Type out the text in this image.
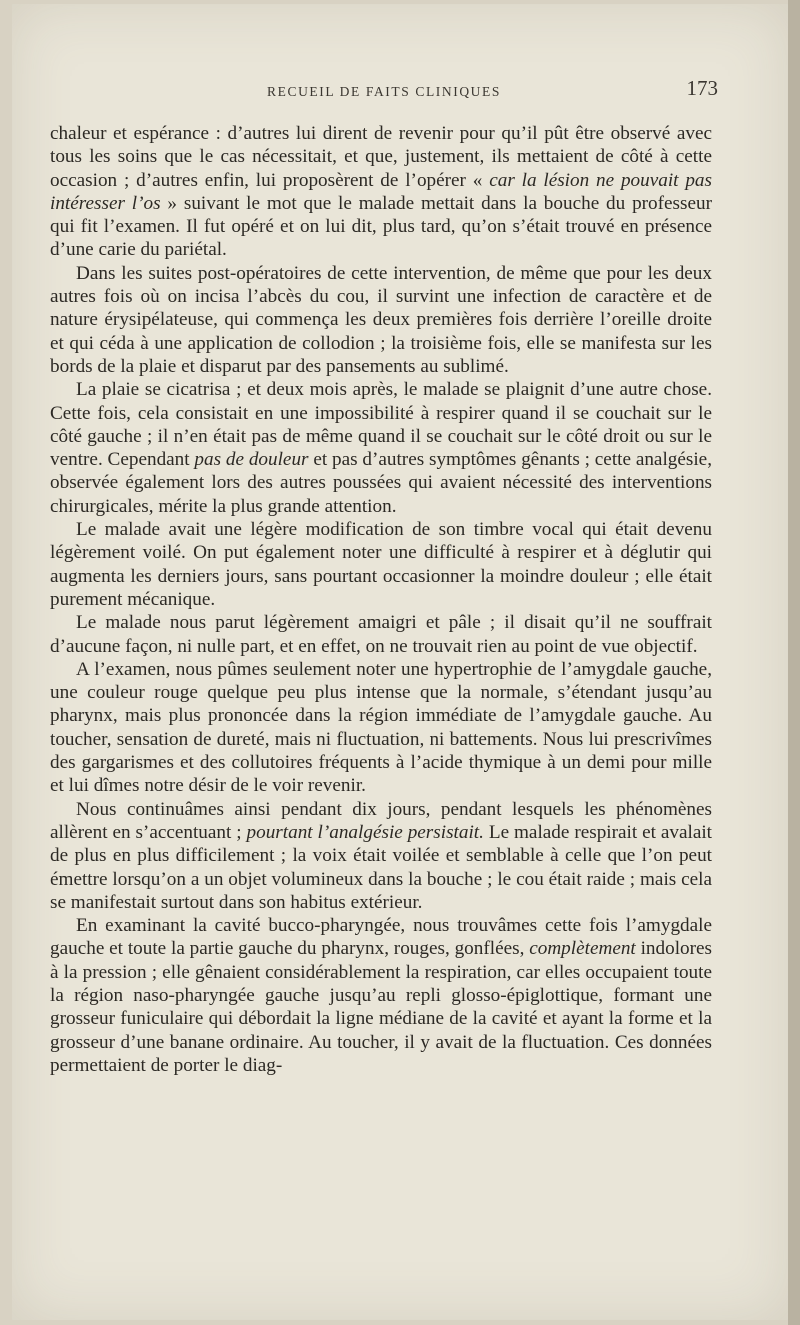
RECUEIL DE FAITS CLINIQUES	173

chaleur et espérance : d’autres lui dirent de revenir pour qu’il pût être observé avec tous les soins que le cas nécessitait, et que, justement, ils mettaient de côté à cette occasion ; d’autres enfin, lui proposèrent de l’opérer « car la lésion ne pouvait pas intéresser l’os » suivant le mot que le malade mettait dans la bouche du professeur qui fit l’examen. Il fut opéré et on lui dit, plus tard, qu’on s’était trouvé en présence d’une carie du pariétal.

Dans les suites post-opératoires de cette intervention, de même que pour les deux autres fois où on incisa l’abcès du cou, il survint une infection de caractère et de nature érysipélateuse, qui commença les deux premières fois derrière l’oreille droite et qui céda à une application de collodion ; la troisième fois, elle se manifesta sur les bords de la plaie et disparut par des pansements au sublimé.

La plaie se cicatrisa ; et deux mois après, le malade se plaignit d’une autre chose. Cette fois, cela consistait en une impossibilité à respirer quand il se couchait sur le côté gauche ; il n’en était pas de même quand il se couchait sur le côté droit ou sur le ventre. Cependant pas de douleur et pas d’autres symptômes gênants ; cette analgésie, observée également lors des autres poussées qui avaient nécessité des interventions chirurgicales, mérite la plus grande attention.

Le malade avait une légère modification de son timbre vocal qui était devenu légèrement voilé. On put également noter une difficulté à respirer et à déglutir qui augmenta les derniers jours, sans pourtant occasionner la moindre douleur ; elle était purement mécanique.

Le malade nous parut légèrement amaigri et pâle ; il disait qu’il ne souffrait d’aucune façon, ni nulle part, et en effet, on ne trouvait rien au point de vue objectif.

A l’examen, nous pûmes seulement noter une hypertrophie de l’amygdale gauche, une couleur rouge quelque peu plus intense que la normale, s’étendant jusqu’au pharynx, mais plus prononcée dans la région immédiate de l’amygdale gauche. Au toucher, sensation de dureté, mais ni fluctuation, ni battements. Nous lui prescrivîmes des gargarismes et des collutoires fréquents à l’acide thymique à un demi pour mille et lui dîmes notre désir de le voir revenir.

Nous continuâmes ainsi pendant dix jours, pendant lesquels les phénomènes allèrent en s’accentuant ; pourtant l’analgésie persistait. Le malade respirait et avalait de plus en plus difficilement ; la voix était voilée et semblable à celle que l’on peut émettre lorsqu’on a un objet volumineux dans la bouche ; le cou était raide ; mais cela se manifestait surtout dans son habitus extérieur.

En examinant la cavité bucco-pharyngée, nous trouvâmes cette fois l’amygdale gauche et toute la partie gauche du pharynx, rouges, gonflées, complètement indolores à la pression ; elle gênaient considérablement la respiration, car elles occupaient toute la région naso-pharyngée gauche jusqu’au repli glosso-épiglottique, formant une grosseur funiculaire qui débordait la ligne médiane de la cavité et ayant la forme et la grosseur d’une banane ordinaire. Au toucher, il y avait de la fluctuation. Ces données permettaient de porter le diag-
